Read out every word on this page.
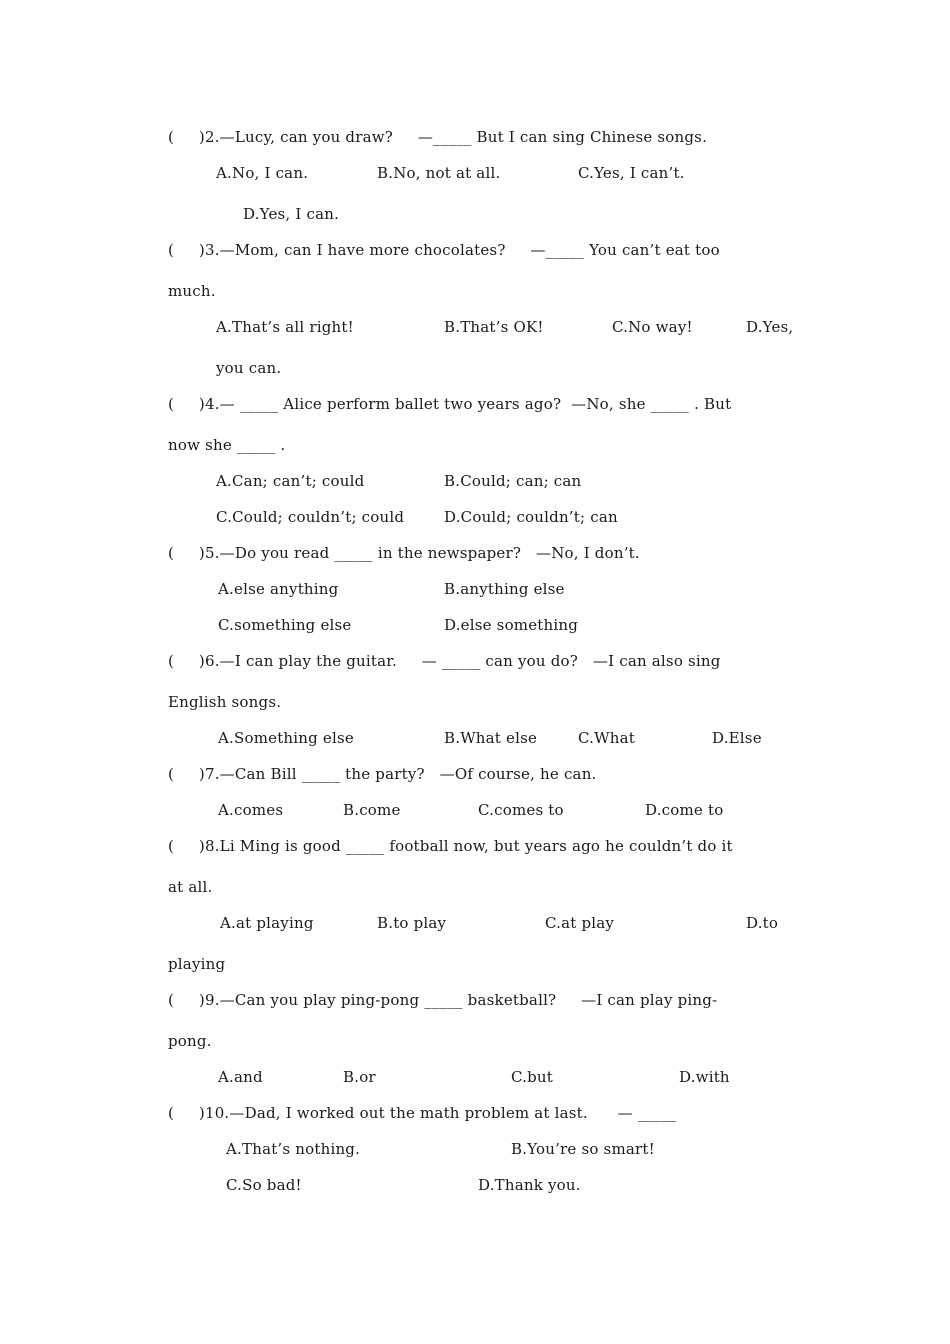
(     )2.—Lucy, can you draw?     —_____ But I can sing Chinese songs.
A.No, I can.	B.No, not at all.	C.Yes, I can’t.
D.Yes, I can.
(     )3.—Mom, can I have more chocolates?     —_____ You can’t eat too
much.
A.That’s all right!	B.That’s OK!	C.No way!	D.Yes,
you can.
(     )4.— _____ Alice perform ballet two years ago?  —No, she _____ . But
now she _____ .
A.Can; can’t; could	B.Could; can; can
C.Could; couldn’t; could	D.Could; couldn’t; can
(     )5.—Do you read _____ in the newspaper?   —No, I don’t.
A.else anything	B.anything else
C.something else	D.else something
(     )6.—I can play the guitar.     — _____ can you do?   —I can also sing
English songs.
A.Something else	B.What else	C.What	D.Else
(     )7.—Can Bill _____ the party?   —Of course, he can.
A.comes	B.come	C.comes to	D.come to
(     )8.Li Ming is good _____ football now, but years ago he couldn’t do it
at all.
A.at playing	B.to play	C.at play	D.to
playing
(     )9.—Can you play ping-pong _____ basketball?     —I can play ping-
pong.
A.and	B.or	C.but	D.with
(     )10.—Dad, I worked out the math problem at last.      — _____
A.That’s nothing.	B.You’re so smart!
C.So bad!	D.Thank you.
